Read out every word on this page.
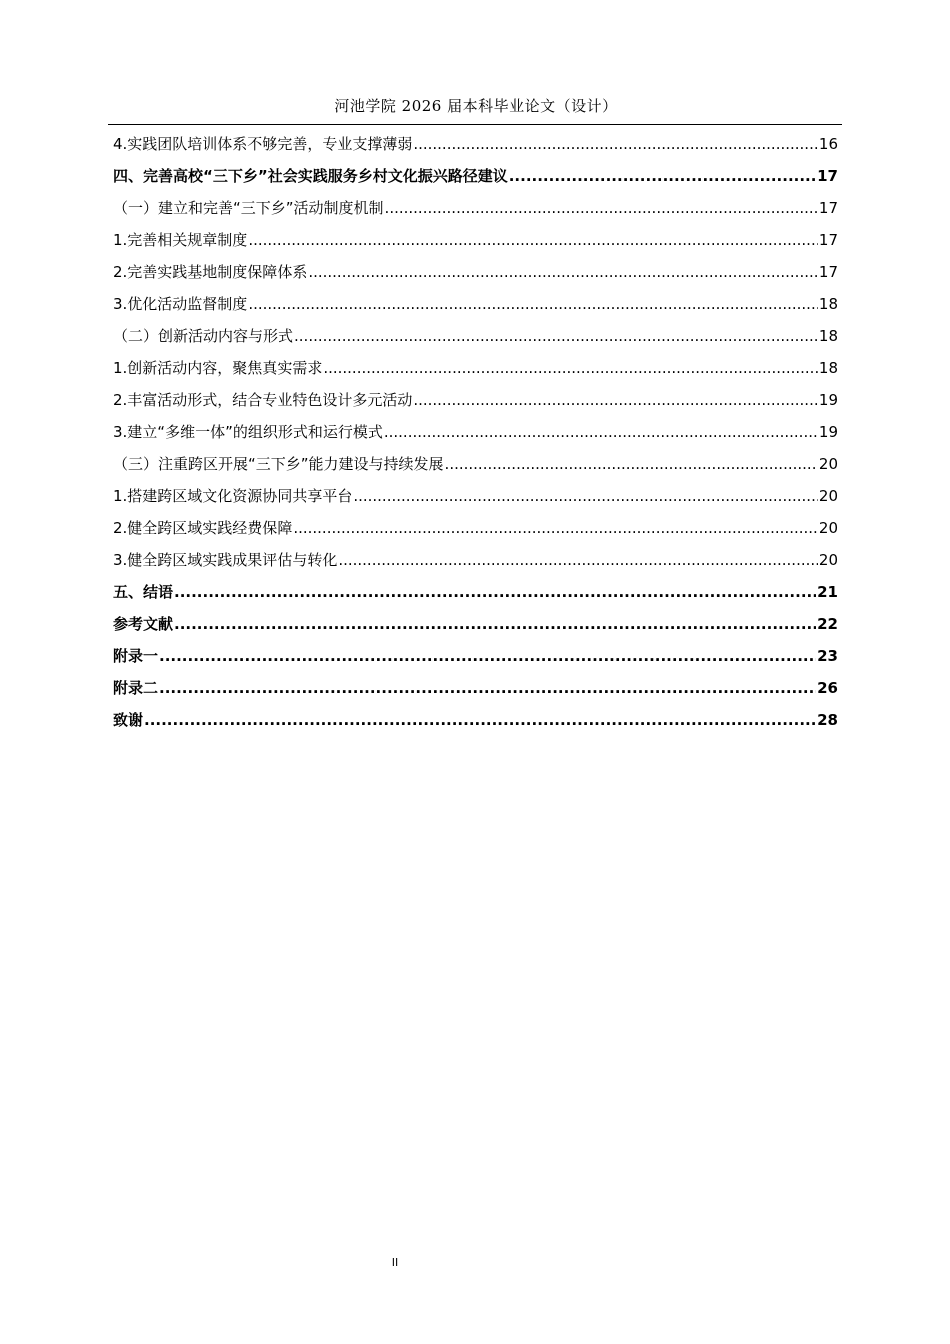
河池学院 2026 届本科毕业论文（设计）
4.实践团队培训体系不够完善，专业支撑薄弱 .....	16
四、完善高校“三下乡”社会实践服务乡村文化振兴路径建议 .....	17
（一）建立和完善“三下乡”活动制度机制 .....	17
1.完善相关规章制度 .....	17
2.完善实践基地制度保障体系 .....	17
3.优化活动监督制度 .....	18
（二）创新活动内容与形式 .....	18
1.创新活动内容，聚焦真实需求 .....	18
2.丰富活动形式，结合专业特色设计多元活动 .....	19
3.建立“多维一体”的组织形式和运行模式 .....	19
（三）注重跨区开展“三下乡”能力建设与持续发展 .....	20
1.搭建跨区域文化资源协同共享平台 .....	20
2.健全跨区域实践经费保障 .....	20
3.健全跨区域实践成果评估与转化 .....	20
五、结语 .....	21
参考文献 .....	22
附录一 .....	23
附录二 .....	26
致谢 .....	28
II
